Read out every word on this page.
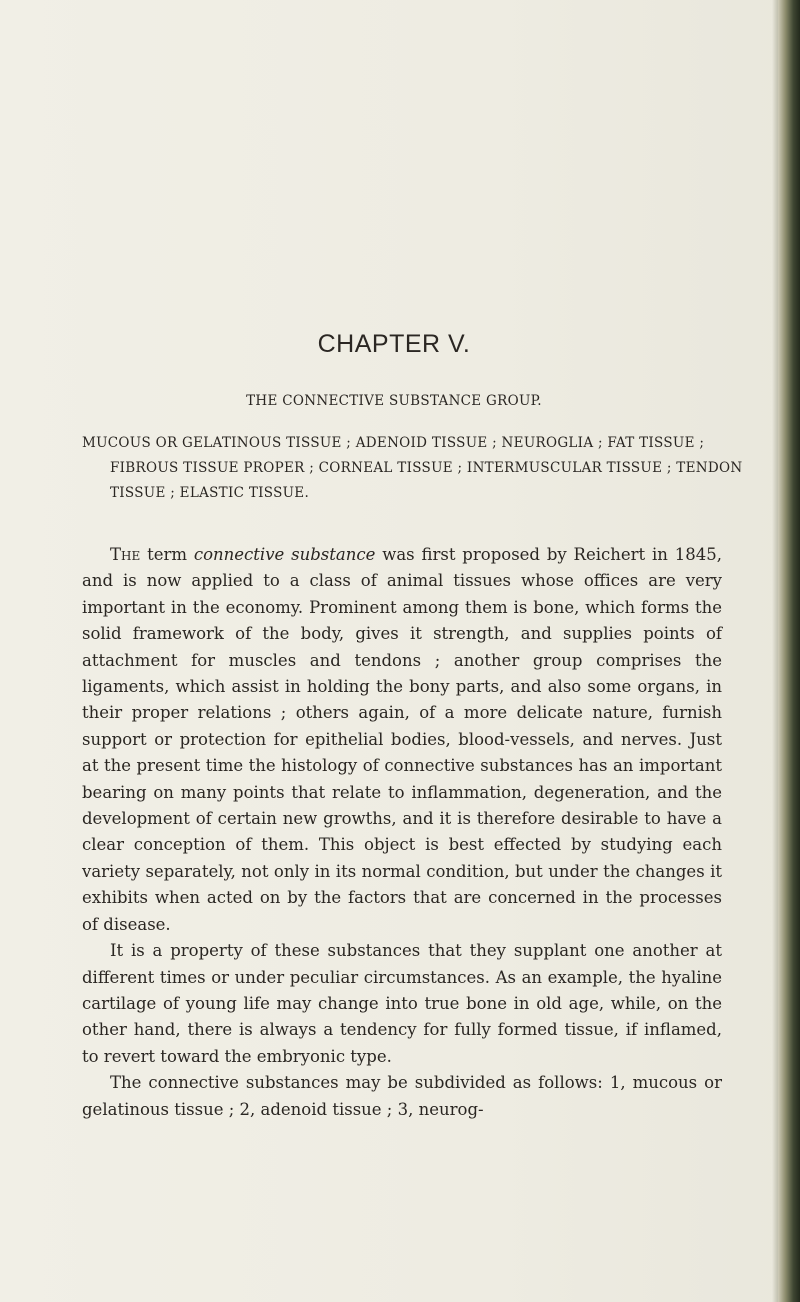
CHAPTER V.
THE CONNECTIVE SUBSTANCE GROUP.
MUCOUS OR GELATINOUS TISSUE ; ADENOID TISSUE ; NEUROGLIA ; FAT TISSUE ; FIBROUS TISSUE PROPER ; CORNEAL TISSUE ; INTERMUSCULAR TISSUE ; TENDON TISSUE ; ELASTIC TISSUE.

The term connective substance was first proposed by Reichert in 1845, and is now applied to a class of animal tissues whose offices are very important in the economy. Prominent among them is bone, which forms the solid framework of the body, gives it strength, and supplies points of attachment for muscles and tendons ; another group comprises the ligaments, which assist in holding the bony parts, and also some organs, in their proper relations ; others again, of a more delicate nature, furnish support or protection for epithelial bodies, blood-vessels, and nerves. Just at the present time the histology of connective substances has an important bearing on many points that relate to inflammation, degeneration, and the development of certain new growths, and it is therefore desirable to have a clear conception of them. This object is best effected by studying each variety separately, not only in its normal condition, but under the changes it exhibits when acted on by the factors that are concerned in the processes of disease.

It is a property of these substances that they supplant one another at different times or under peculiar circumstances. As an example, the hyaline cartilage of young life may change into true bone in old age, while, on the other hand, there is always a tendency for fully formed tissue, if inflamed, to revert toward the embryonic type.

The connective substances may be subdivided as follows: 1, mucous or gelatinous tissue ; 2, adenoid tissue ; 3, neurog-
